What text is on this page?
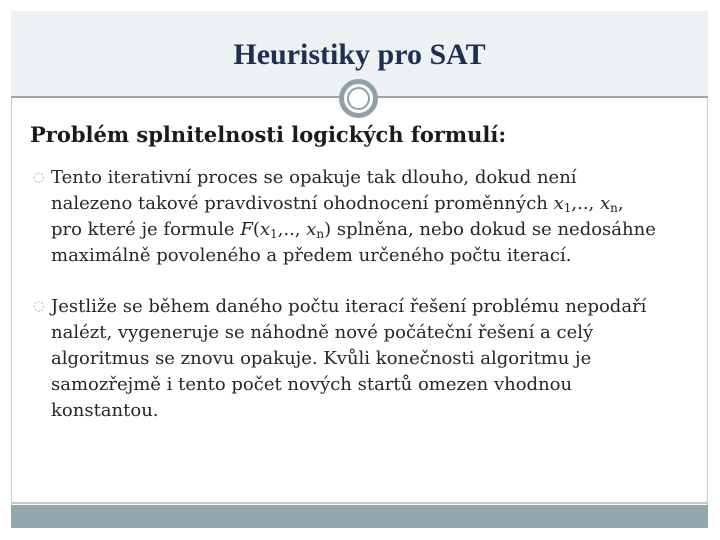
Heuristiky pro SAT
Problém splnitelnosti logických formulí:
◌ Tento iterativní proces se opakuje tak dlouho, dokud není
nalezeno takové pravdivostní ohodnocení proměnných $x_1$,.., $x_n$,
pro které je formule $F(x_1$,.., $x_n$) splněna, nebo dokud se nedosáhne
maximálně povoleného a předem určeného počtu iterací.
◌ Jestliže se během daného počtu iterací řešení problému nepodaří
nalézt, vygeneruje se náhodně nové počáteční řešení a celý
algoritmus se znovu opakuje. Kvůli konečnosti algoritmu je
samozřejmě i tento počet nových startů omezen vhodnou
konstantou.
